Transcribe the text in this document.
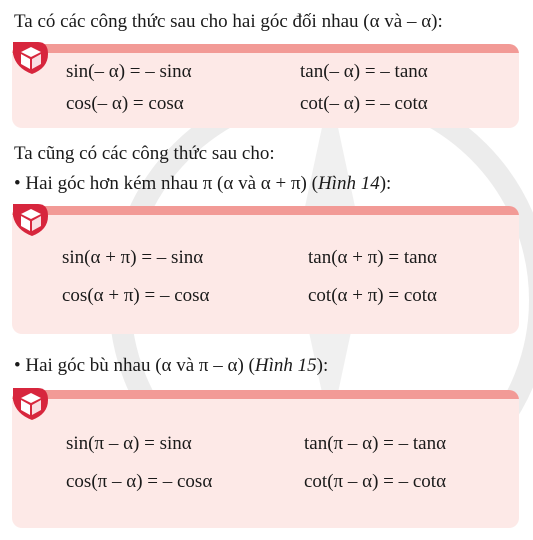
Ta có các công thức sau cho hai góc đối nhau (α và – α):
sin(– α) = – sinα	tan(– α) = – tanα
cos(– α) = cosα	cot(– α) = – cotα
Ta cũng có các công thức sau cho:
• Hai góc hơn kém nhau π (α và α + π) (Hình 14):
sin(α + π) = – sinα	tan(α + π) = tanα
cos(α + π) = – cosα	cot(α + π) = cotα
• Hai góc bù nhau (α và π – α) (Hình 15):
sin(π – α) = sinα	tan(π – α) = – tanα
cos(π – α) = – cosα	cot(π – α) = – cotα
